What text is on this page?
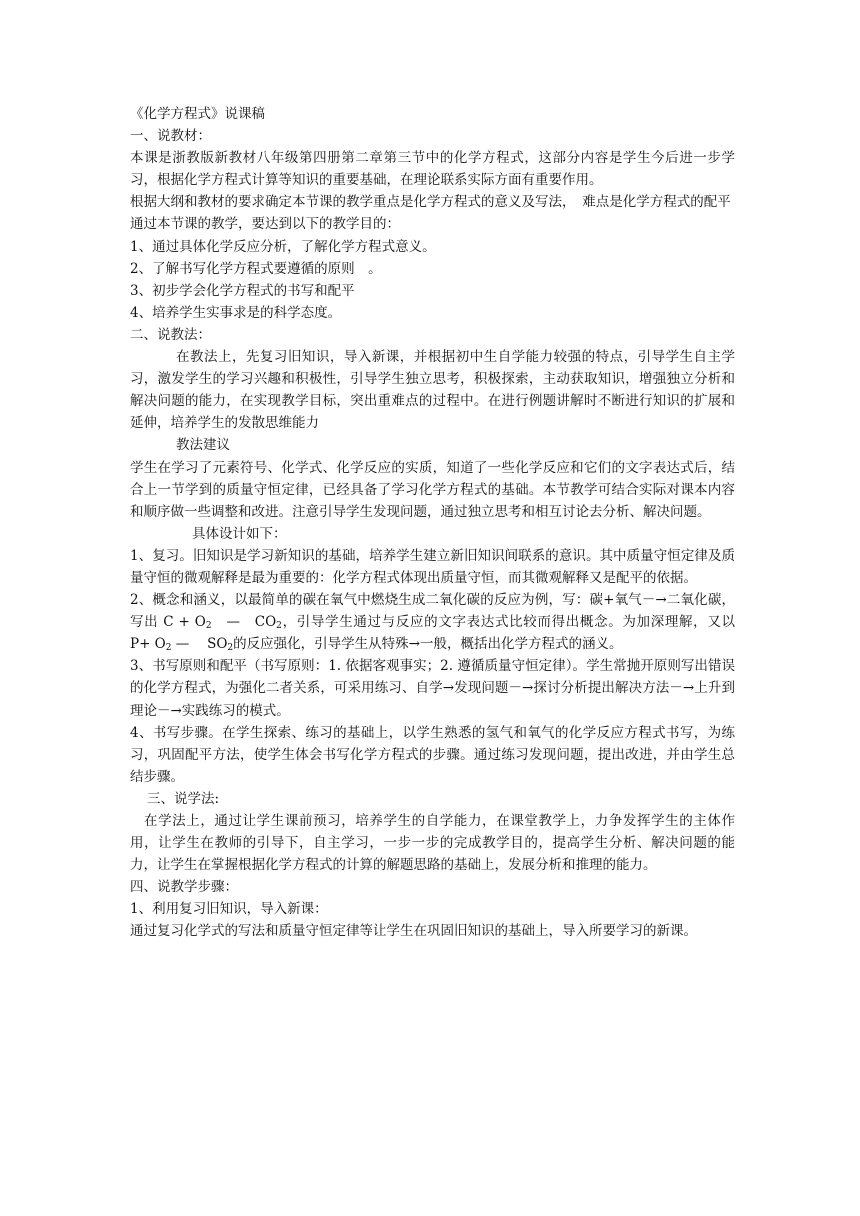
《化学方程式》说课稿

一、说教材：

本课是浙教版新教材八年级第四册第二章第三节中的化学方程式，这部分内容是学生今后进一步学习，根据化学方程式计算等知识的重要基础，在理论联系实际方面有重要作用。

根据大纲和教材的要求确定本节课的教学重点是化学方程式的意义及写法，　难点是化学方程式的配平

通过本节课的教学，要达到以下的教学目的：

1、通过具体化学反应分析，了解化学方程式意义。

2、了解书写化学方程式要遵循的原则　。

3、初步学会化学方程式的书写和配平

4、培养学生实事求是的科学态度。

二、说教法：

在教法上，先复习旧知识，导入新课，并根据初中生自学能力较强的特点，引导学生自主学习，激发学生的学习兴趣和积极性，引导学生独立思考，积极探索，主动获取知识，增强独立分析和解决问题的能力，在实现教学目标，突出重难点的过程中。在进行例题讲解时不断进行知识的扩展和延伸，培养学生的发散思维能力

教法建议

学生在学习了元素符号、化学式、化学反应的实质，知道了一些化学反应和它们的文字表达式后，结合上一节学到的质量守恒定律，已经具备了学习化学方程式的基础。本节教学可结合实际对课本内容和顺序做一些调整和改进。注意引导学生发现问题，通过独立思考和相互讨论去分析、解决问题。

具体设计如下：

1、复习。旧知识是学习新知识的基础，培养学生建立新旧知识间联系的意识。其中质量守恒定律及质量守恒的微观解释是最为重要的：化学方程式体现出质量守恒，而其微观解释又是配平的依据。

2、概念和涵义，以最简单的碳在氧气中燃烧生成二氧化碳的反应为例，写：碳+氧气－→二氧化碳，写出 $C + O_2$　—　$CO_2$，引导学生通过与反应的文字表达式比较而得出概念。为加深理解，又以　$P+ O_2$ —　 $SO_2$的反应强化，引导学生从特殊→一般，概括出化学方程式的涵义。

3、书写原则和配平（书写原则：1. 依据客观事实；2. 遵循质量守恒定律）。学生常抛开原则写出错误的化学方程式，为强化二者关系，可采用练习、自学→发现问题－→探讨分析提出解决方法－→上升到理论－→实践练习的模式。

4、书写步骤。在学生探索、练习的基础上，以学生熟悉的氢气和氧气的化学反应方程式书写，为练习，巩固配平方法，使学生体会书写化学方程式的步骤。通过练习发现问题，提出改进，并由学生总结步骤。

三、说学法:

在学法上，通过让学生课前预习，培养学生的自学能力，在课堂教学上，力争发挥学生的主体作用，让学生在教师的引导下，自主学习，一步一步的完成教学目的，提高学生分析、解决问题的能力，让学生在掌握根据化学方程式的计算的解题思路的基础上，发展分析和推理的能力。

四、说教学步骤：

1、利用复习旧知识，导入新课：

通过复习化学式的写法和质量守恒定律等让学生在巩固旧知识的基础上，导入所要学习的新课。
